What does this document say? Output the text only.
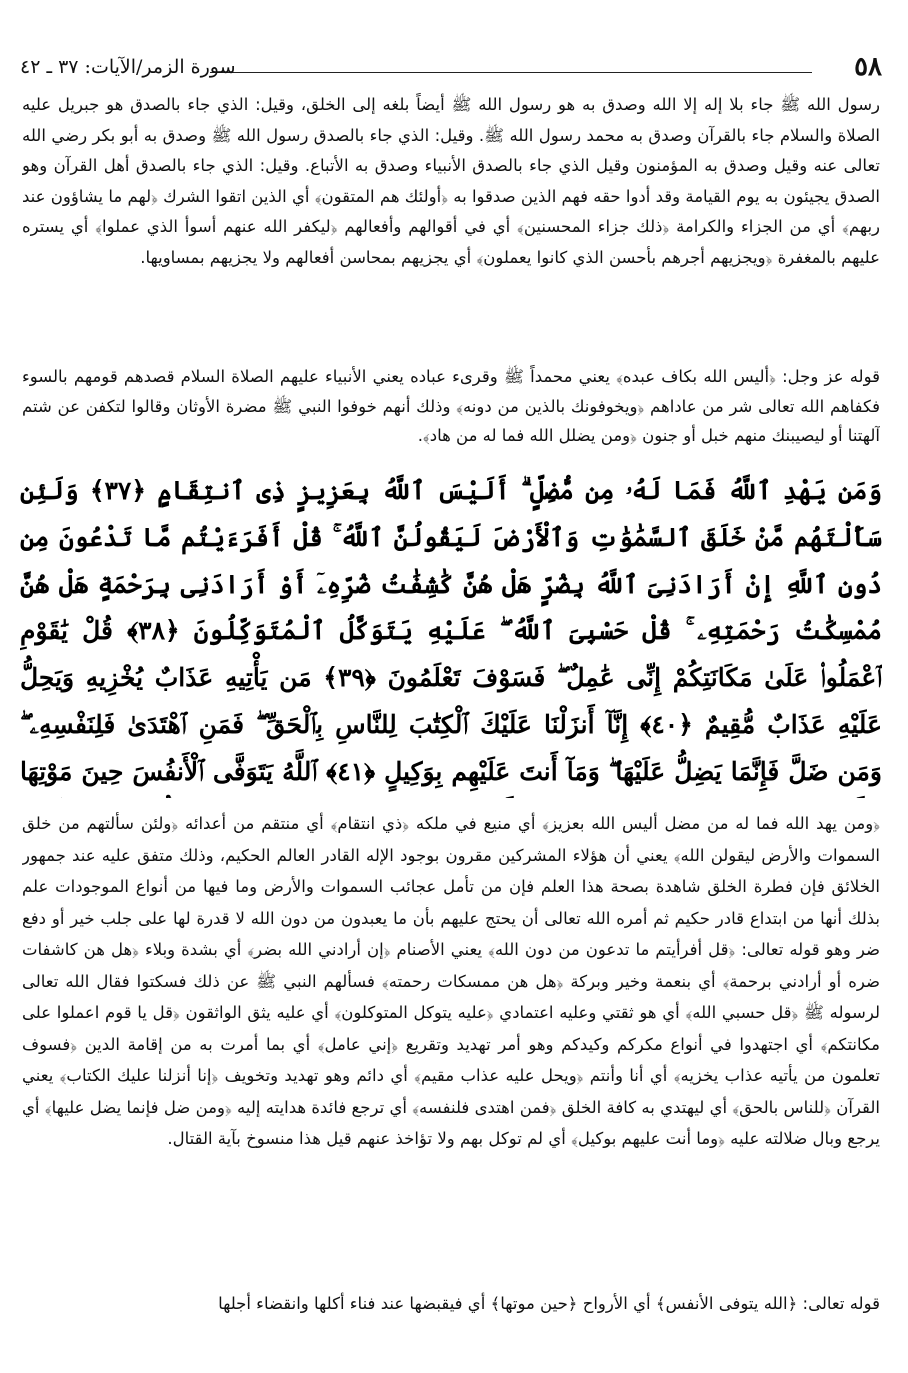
٥٨
سورة الزمر/الآيات: ٣٧ ـ ٤٢

رسول الله ﷺ جاء بلا إله إلا الله وصدق به هو رسول الله ﷺ أيضاً بلغه إلى الخلق، وقيل: الذي جاء بالصدق هو جبريل عليه الصلاة والسلام جاء بالقرآن وصدق به محمد رسول الله ﷺ. وقيل: الذي جاء بالصدق رسول الله ﷺ وصدق به أبو بكر رضي الله تعالى عنه وقيل وصدق به المؤمنون وقيل الذي جاء بالصدق الأنبياء وصدق به الأتباع. وقيل: الذي جاء بالصدق أهل القرآن وهو الصدق يجيئون به يوم القيامة وقد أدوا حقه فهم الذين صدقوا به ﴿أولئك هم المتقون﴾ أي الذين اتقوا الشرك ﴿لهم ما يشاؤون عند ربهم﴾ أي من الجزاء والكرامة ﴿ذلك جزاء المحسنين﴾ أي في أقوالهم وأفعالهم ﴿ليكفر الله عنهم أسوأ الذي عملوا﴾ أي يستره عليهم بالمغفرة ﴿ويجزيهم أجرهم بأحسن الذي كانوا يعملون﴾ أي يجزيهم بمحاسن أفعالهم ولا يجزيهم بمساويها.

قوله عز وجل: ﴿أليس الله بكاف عبده﴾ يعني محمداً ﷺ وقرىء عباده يعني الأنبياء عليهم الصلاة السلام قصدهم قومهم بالسوء فكفاهم الله تعالى شر من عاداهم ﴿ويخوفونك بالذين من دونه﴾ وذلك أنهم خوفوا النبي ﷺ مضرة الأوثان وقالوا لتكفن عن شتم آلهتنا أو ليصيبنك منهم خبل أو جنون ﴿ومن يضلل الله فما له من هاد﴾.

وَمَن يَهْدِ ٱللَّهُ فَمَا لَهُۥ مِن مُّضِلٍّ ۗ أَلَيْسَ ٱللَّهُ بِعَزِيزٍ ذِى ٱنتِقَامٍ ﴿٣٧﴾ وَلَئِن سَأَلْتَهُم مَّنْ خَلَقَ ٱلسَّمَٰوَٰتِ وَٱلْأَرْضَ لَيَقُولُنَّ ٱللَّهُ ۚ قُلْ أَفَرَءَيْتُم مَّا تَدْعُونَ مِن دُونِ ٱللَّهِ إِنْ أَرَادَنِىَ ٱللَّهُ بِضُرٍّ هَلْ هُنَّ كَٰشِفَٰتُ ضُرِّهِۦٓ أَوْ أَرَادَنِى بِرَحْمَةٍ هَلْ هُنَّ مُمْسِكَٰتُ رَحْمَتِهِۦ ۚ قُلْ حَسْبِىَ ٱللَّهُ ۖ عَلَيْهِ يَتَوَكَّلُ ٱلْمُتَوَكِّلُونَ ﴿٣٨﴾ قُلْ يَٰقَوْمِ ٱعْمَلُوا۟ عَلَىٰ مَكَانَتِكُمْ إِنِّى عَٰمِلٌ ۖ فَسَوْفَ تَعْلَمُونَ ﴿٣٩﴾ مَن يَأْتِيهِ عَذَابٌ يُخْزِيهِ وَيَحِلُّ عَلَيْهِ عَذَابٌ مُّقِيمٌ ﴿٤٠﴾ إِنَّآ أَنزَلْنَا عَلَيْكَ ٱلْكِتَٰبَ لِلنَّاسِ بِٱلْحَقِّ ۖ فَمَنِ ٱهْتَدَىٰ فَلِنَفْسِهِۦ ۖ وَمَن ضَلَّ فَإِنَّمَا يَضِلُّ عَلَيْهَا ۖ وَمَآ أَنتَ عَلَيْهِم بِوَكِيلٍ ﴿٤١﴾ ٱللَّهُ يَتَوَفَّى ٱلْأَنفُسَ حِينَ مَوْتِهَا

﴿ومن يهد الله فما له من مضل أليس الله بعزيز﴾ أي منيع في ملكه ﴿ذي انتقام﴾ أي منتقم من أعدائه ﴿ولئن سألتهم من خلق السموات والأرض ليقولن الله﴾ يعني أن هؤلاء المشركين مقرون بوجود الإله القادر العالم الحكيم، وذلك متفق عليه عند جمهور الخلائق فإن فطرة الخلق شاهدة بصحة هذا العلم فإن من تأمل عجائب السموات والأرض وما فيها من أنواع الموجودات علم بذلك أنها من ابتداع قادر حكيم ثم أمره الله تعالى أن يحتج عليهم بأن ما يعبدون من دون الله لا قدرة لها على جلب خير أو دفع ضر وهو قوله تعالى: ﴿قل أفرأيتم ما تدعون من دون الله﴾ يعني الأصنام ﴿إن أرادني الله بضر﴾ أي بشدة وبلاء ﴿هل هن كاشفات ضره أو أرادني برحمة﴾ أي بنعمة وخير وبركة ﴿هل هن ممسكات رحمته﴾ فسألهم النبي ﷺ عن ذلك فسكتوا فقال الله تعالى لرسوله ﷺ ﴿قل حسبي الله﴾ أي هو ثقتي وعليه اعتمادي ﴿عليه يتوكل المتوكلون﴾ أي عليه يثق الواثقون ﴿قل يا قوم اعملوا على مكانتكم﴾ أي اجتهدوا في أنواع مكركم وكيدكم وهو أمر تهديد وتقريع ﴿إني عامل﴾ أي بما أمرت به من إقامة الدين ﴿فسوف تعلمون من يأتيه عذاب يخزيه﴾ أي أنا وأنتم ﴿ويحل عليه عذاب مقيم﴾ أي دائم وهو تهديد وتخويف ﴿إنا أنزلنا عليك الكتاب﴾ يعني القرآن ﴿للناس بالحق﴾ أي ليهتدي به كافة الخلق ﴿فمن اهتدى فلنفسه﴾ أي ترجع فائدة هدايته إليه ﴿ومن ضل فإنما يضل عليها﴾ أي يرجع وبال ضلالته عليه ﴿وما أنت عليهم بوكيل﴾ أي لم توكل بهم ولا تؤاخذ عنهم قيل هذا منسوخ بآية القتال.

قوله تعالى: ﴿الله يتوفى الأنفس﴾ أي الأرواح ﴿حين موتها﴾ أي فيقبضها عند فناء أكلها وانقضاء أجلها
